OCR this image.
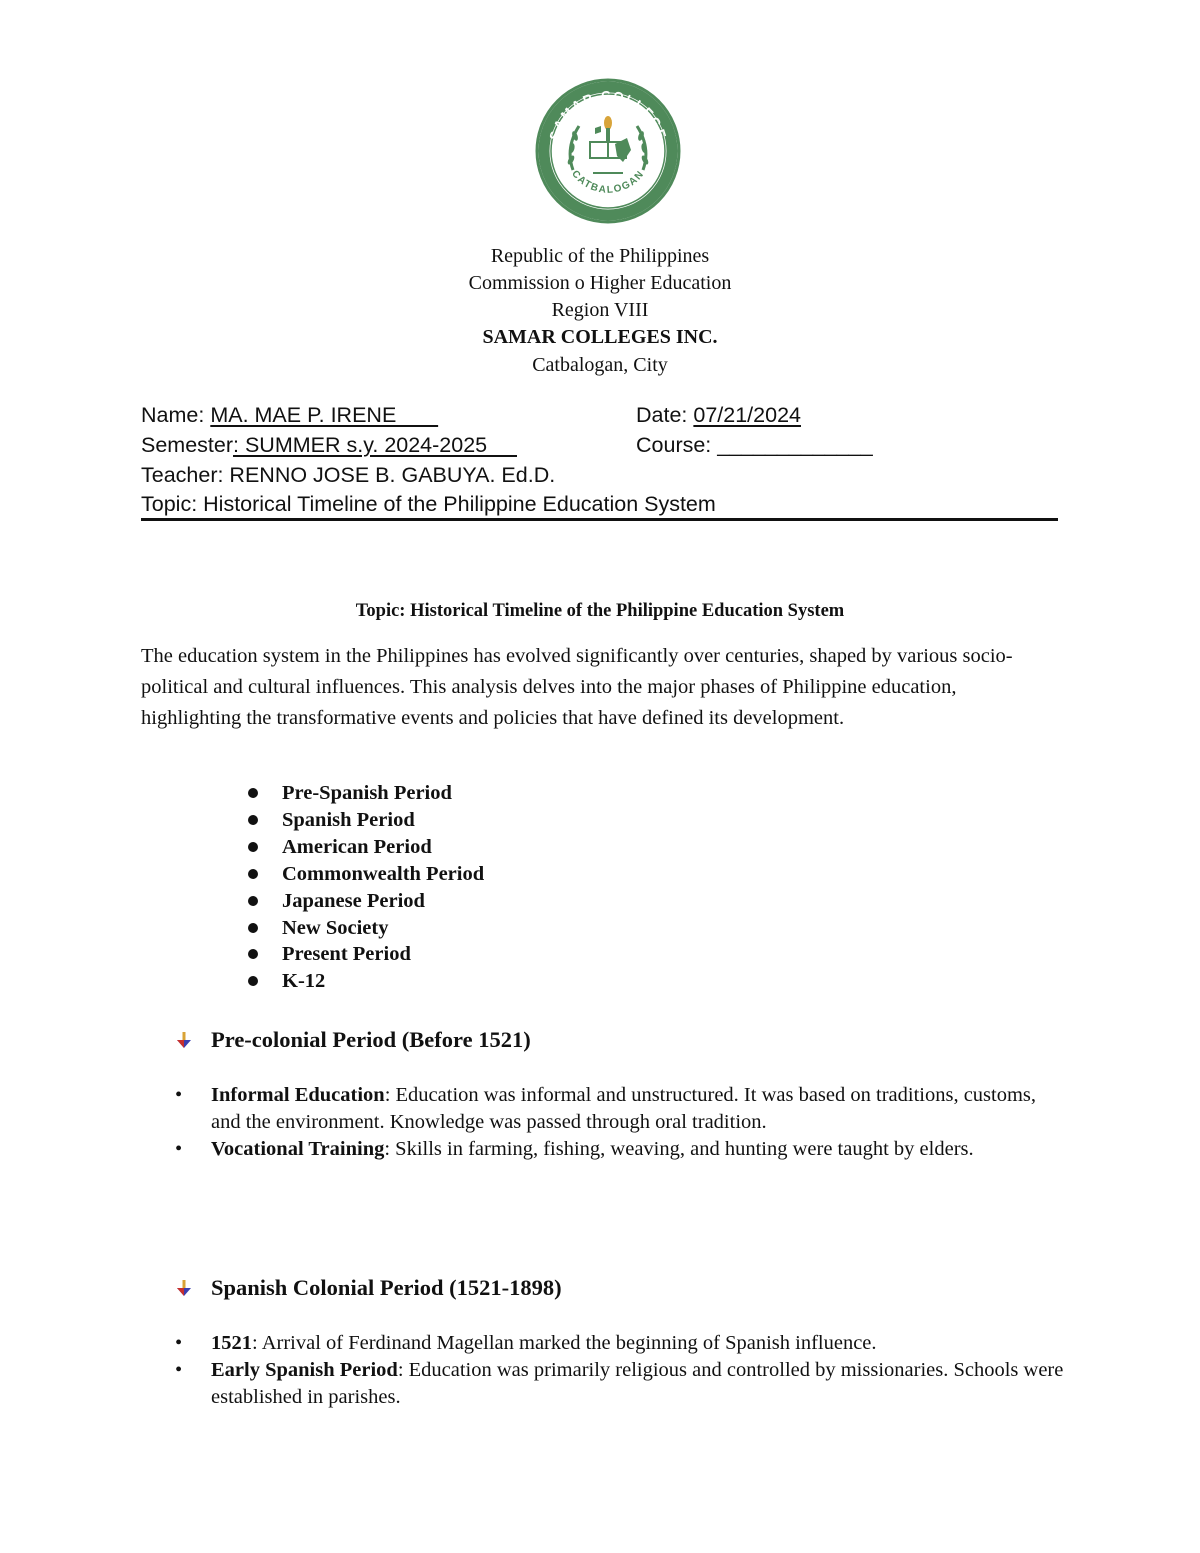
SAMAR COLLEGE
CATBALOGAN
Republic of the Philippines
Commission o Higher Education
Region VIII
SAMAR COLLEGES INC.
Catbalogan, City
Name: MA. MAE P. IRENE	Date: 07/21/2024
Semester: SUMMER s.y. 2024-2025	Course: _____________
Teacher: RENNO JOSE B. GABUYA. Ed.D.
Topic: Historical Timeline of the Philippine Education System
Topic: Historical Timeline of the Philippine Education System
The education system in the Philippines has evolved significantly over centuries, shaped by various socio-political and cultural influences. This analysis delves into the major phases of Philippine education, highlighting the transformative events and policies that have defined its development.
Pre-Spanish Period
Spanish Period
American Period
Commonwealth Period
Japanese Period
New Society
Present Period
K-12
Pre-colonial Period (Before 1521)
• Informal Education: Education was informal and unstructured. It was based on traditions, customs, and the environment. Knowledge was passed through oral tradition.
• Vocational Training: Skills in farming, fishing, weaving, and hunting were taught by elders.
Spanish Colonial Period (1521-1898)
• 1521: Arrival of Ferdinand Magellan marked the beginning of Spanish influence.
• Early Spanish Period: Education was primarily religious and controlled by missionaries. Schools were established in parishes.
